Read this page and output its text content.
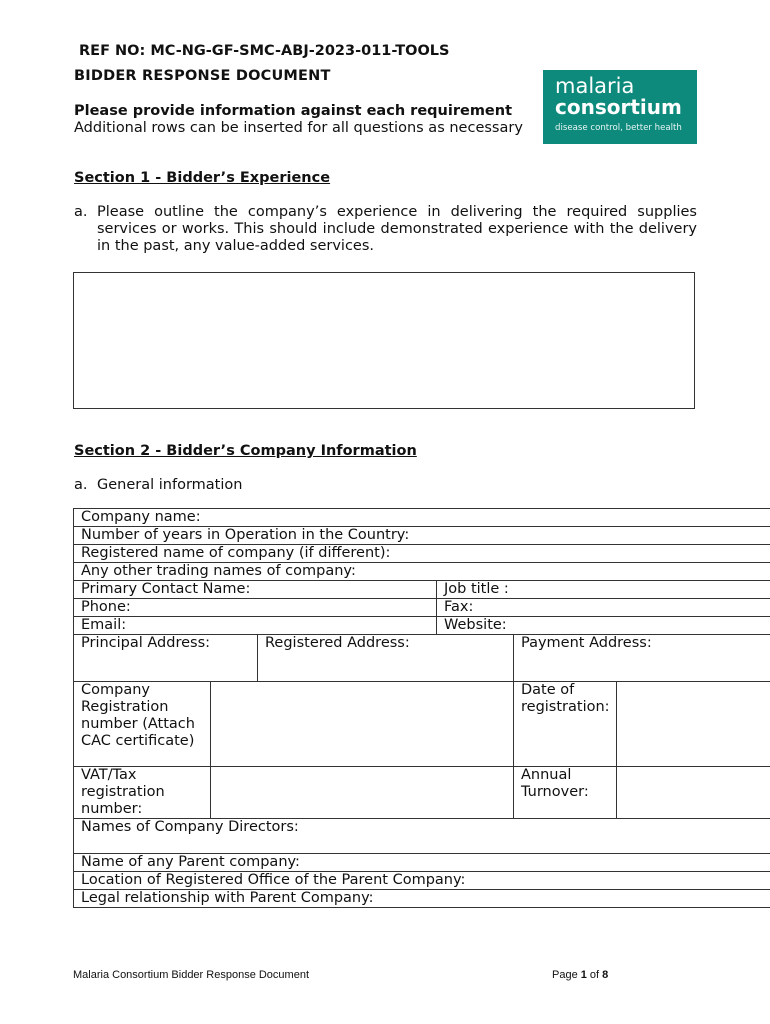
REF NO: MC-NG-GF-SMC-ABJ-2023-011-TOOLS
BIDDER RESPONSE DOCUMENT
Please provide information against each requirement
Additional rows can be inserted for all questions as necessary
malaria
consortium
disease control, better health
Section 1 - Bidder’s Experience
a. Please outline the company’s experience in delivering the required supplies services or works. This should include demonstrated experience with the delivery in the past, any value-added services.
Section 2 - Bidder’s Company Information
a. General information
Company name:					
Number of years in Operation in the Country:					
Registered name of company (if different):					
Any other trading names of company:					
Primary Contact Name:			Job title :		
Phone:			Fax:		
Email:			Website:		
Principal Address:		Registered Address:		Payment Address:	
Company Registration number (Attach CAC certificate)				Date of registration:	
VAT/Tax registration number:				Annual Turnover:	
Names of Company Directors:					
Name of any Parent company:					
Location of Registered Office of the Parent Company:					
Legal relationship with Parent Company:					
Malaria Consortium Bidder Response Document	Page 1 of 8
